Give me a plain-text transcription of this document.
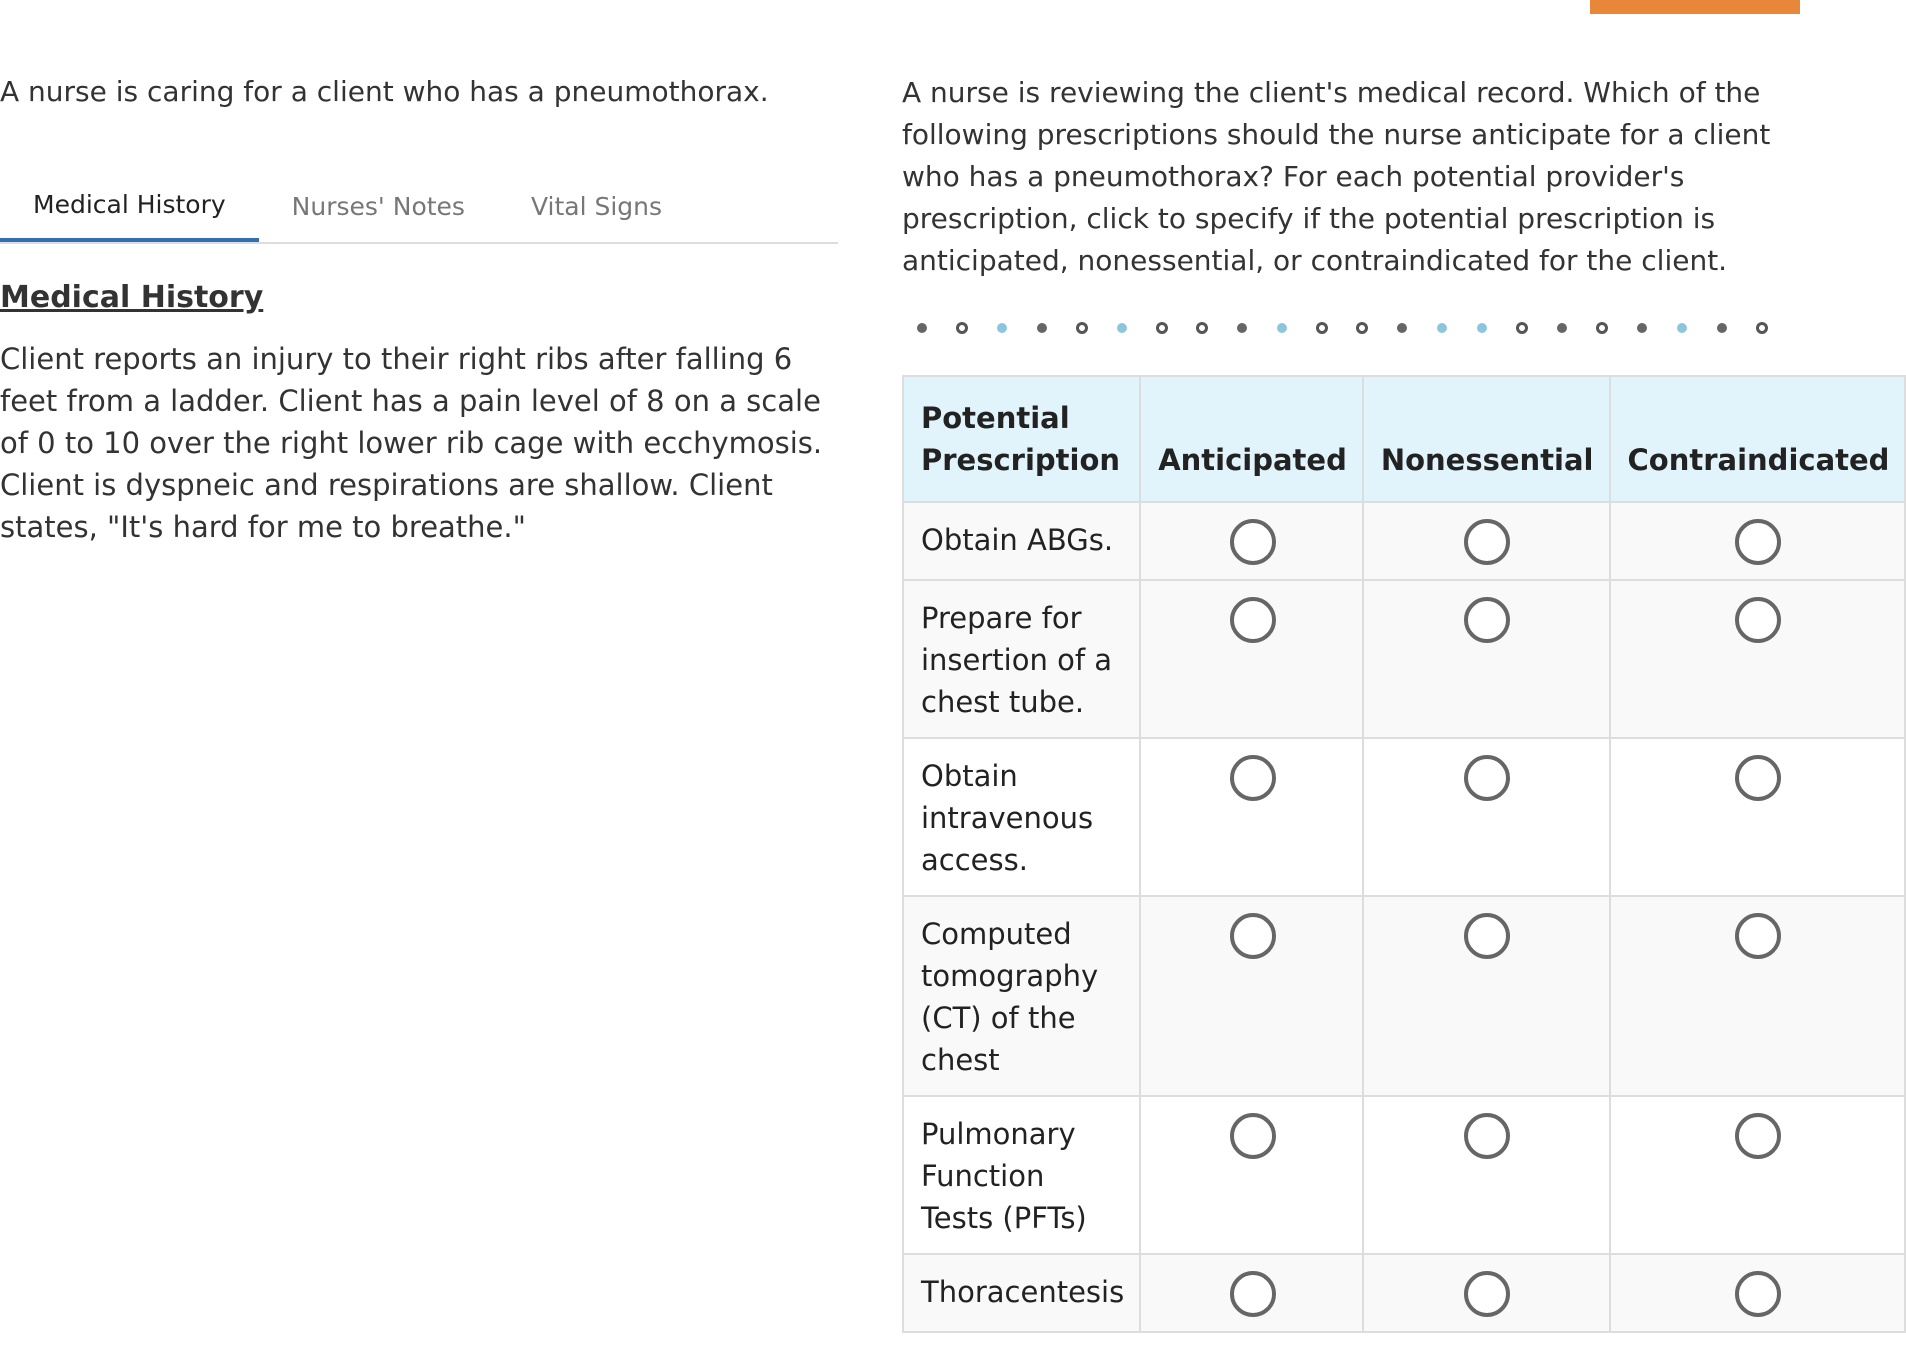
A nurse is caring for a client who has a pneumothorax.
Medical History	Nurses' Notes	Vital Signs
Medical History
Client reports an injury to their right ribs after falling 6 feet from a ladder. Client has a pain level of 8 on a scale of 0 to 10 over the right lower rib cage with ecchymosis. Client is dyspneic and respirations are shallow. Client states, "It's hard for me to breathe."
A nurse is reviewing the client's medical record. Which of the following prescriptions should the nurse anticipate for a client who has a pneumothorax? For each potential provider's prescription, click to specify if the potential prescription is anticipated, nonessential, or contraindicated for the client.
Potential Prescription	Anticipated	Nonessential	Contraindicated
Obtain ABGs.			
Prepare for insertion of a chest tube.			
Obtain intravenous access.			
Computed tomography (CT) of the chest			
Pulmonary Function Tests (PFTs)			
Thoracentesis			
